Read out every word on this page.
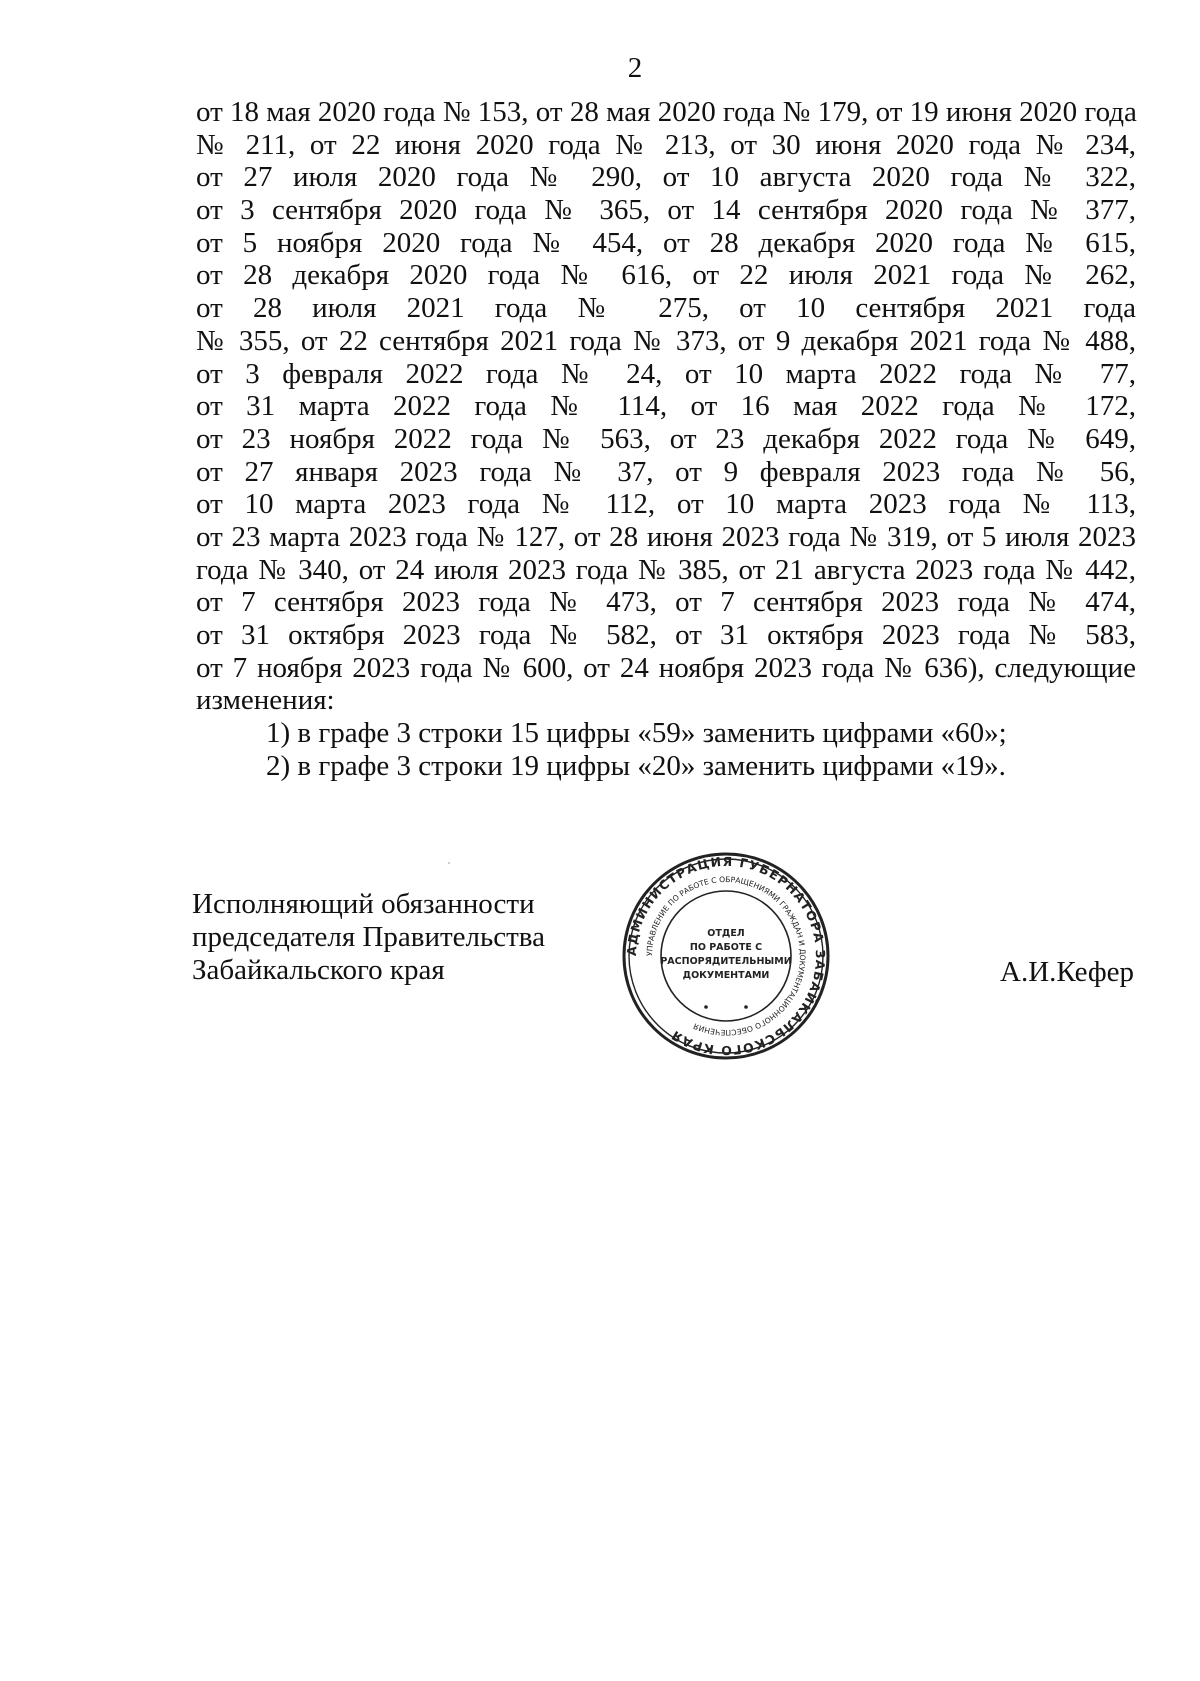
2
от 18 мая 2020 года № 153, от 28 мая 2020 года № 179, от 19 июня 2020 года
№ 211, от 22 июня 2020 года № 213, от 30 июня 2020 года № 234,
от 27 июля 2020 года № 290, от 10 августа 2020 года № 322,
от 3 сентября 2020 года № 365, от 14 сентября 2020 года № 377,
от 5 ноября 2020 года № 454, от 28 декабря 2020 года № 615,
от 28 декабря 2020 года № 616, от 22 июля 2021 года № 262,
от 28 июля 2021 года № 275, от 10 сентября 2021 года
№ 355, от 22 сентября 2021 года № 373, от 9 декабря 2021 года № 488,
от 3 февраля 2022 года № 24, от 10 марта 2022 года № 77,
от 31 марта 2022 года № 114, от 16 мая 2022 года № 172,
от 23 ноября 2022 года № 563, от 23 декабря 2022 года № 649,
от 27 января 2023 года № 37, от 9 февраля 2023 года № 56,
от 10 марта 2023 года № 112, от 10 марта 2023 года № 113,
от 23 марта 2023 года № 127, от 28 июня 2023 года № 319, от 5 июля 2023
года № 340, от 24 июля 2023 года № 385, от 21 августа 2023 года № 442,
от 7 сентября 2023 года № 473, от 7 сентября 2023 года № 474,
от 31 октября 2023 года № 582, от 31 октября 2023 года № 583,
от 7 ноября 2023 года № 600, от 24 ноября 2023 года № 636), следующие
изменения:
1) в графе 3 строки 15 цифры «59» заменить цифрами «60»;
2) в графе 3 строки 19 цифры «20» заменить цифрами «19».
Исполняющий обязанности
председателя Правительства
Забайкальского края
АДМИНИСТРАЦИЯ ГУБЕРНАТОРА ЗАБАЙКАЛЬСКОГО КРАЯ
УПРАВЛЕНИЕ ПО РАБОТЕ С ОБРАЩЕНИЯМИ ГРАЖДАН И ДОКУМЕНТАЦИОННОГО ОБЕСПЕЧЕНИЯ
ОТДЕЛ
ПО РАБОТЕ С
РАСПОРЯДИТЕЛЬНЫМИ
ДОКУМЕНТАМИ	А.И.Кефер
